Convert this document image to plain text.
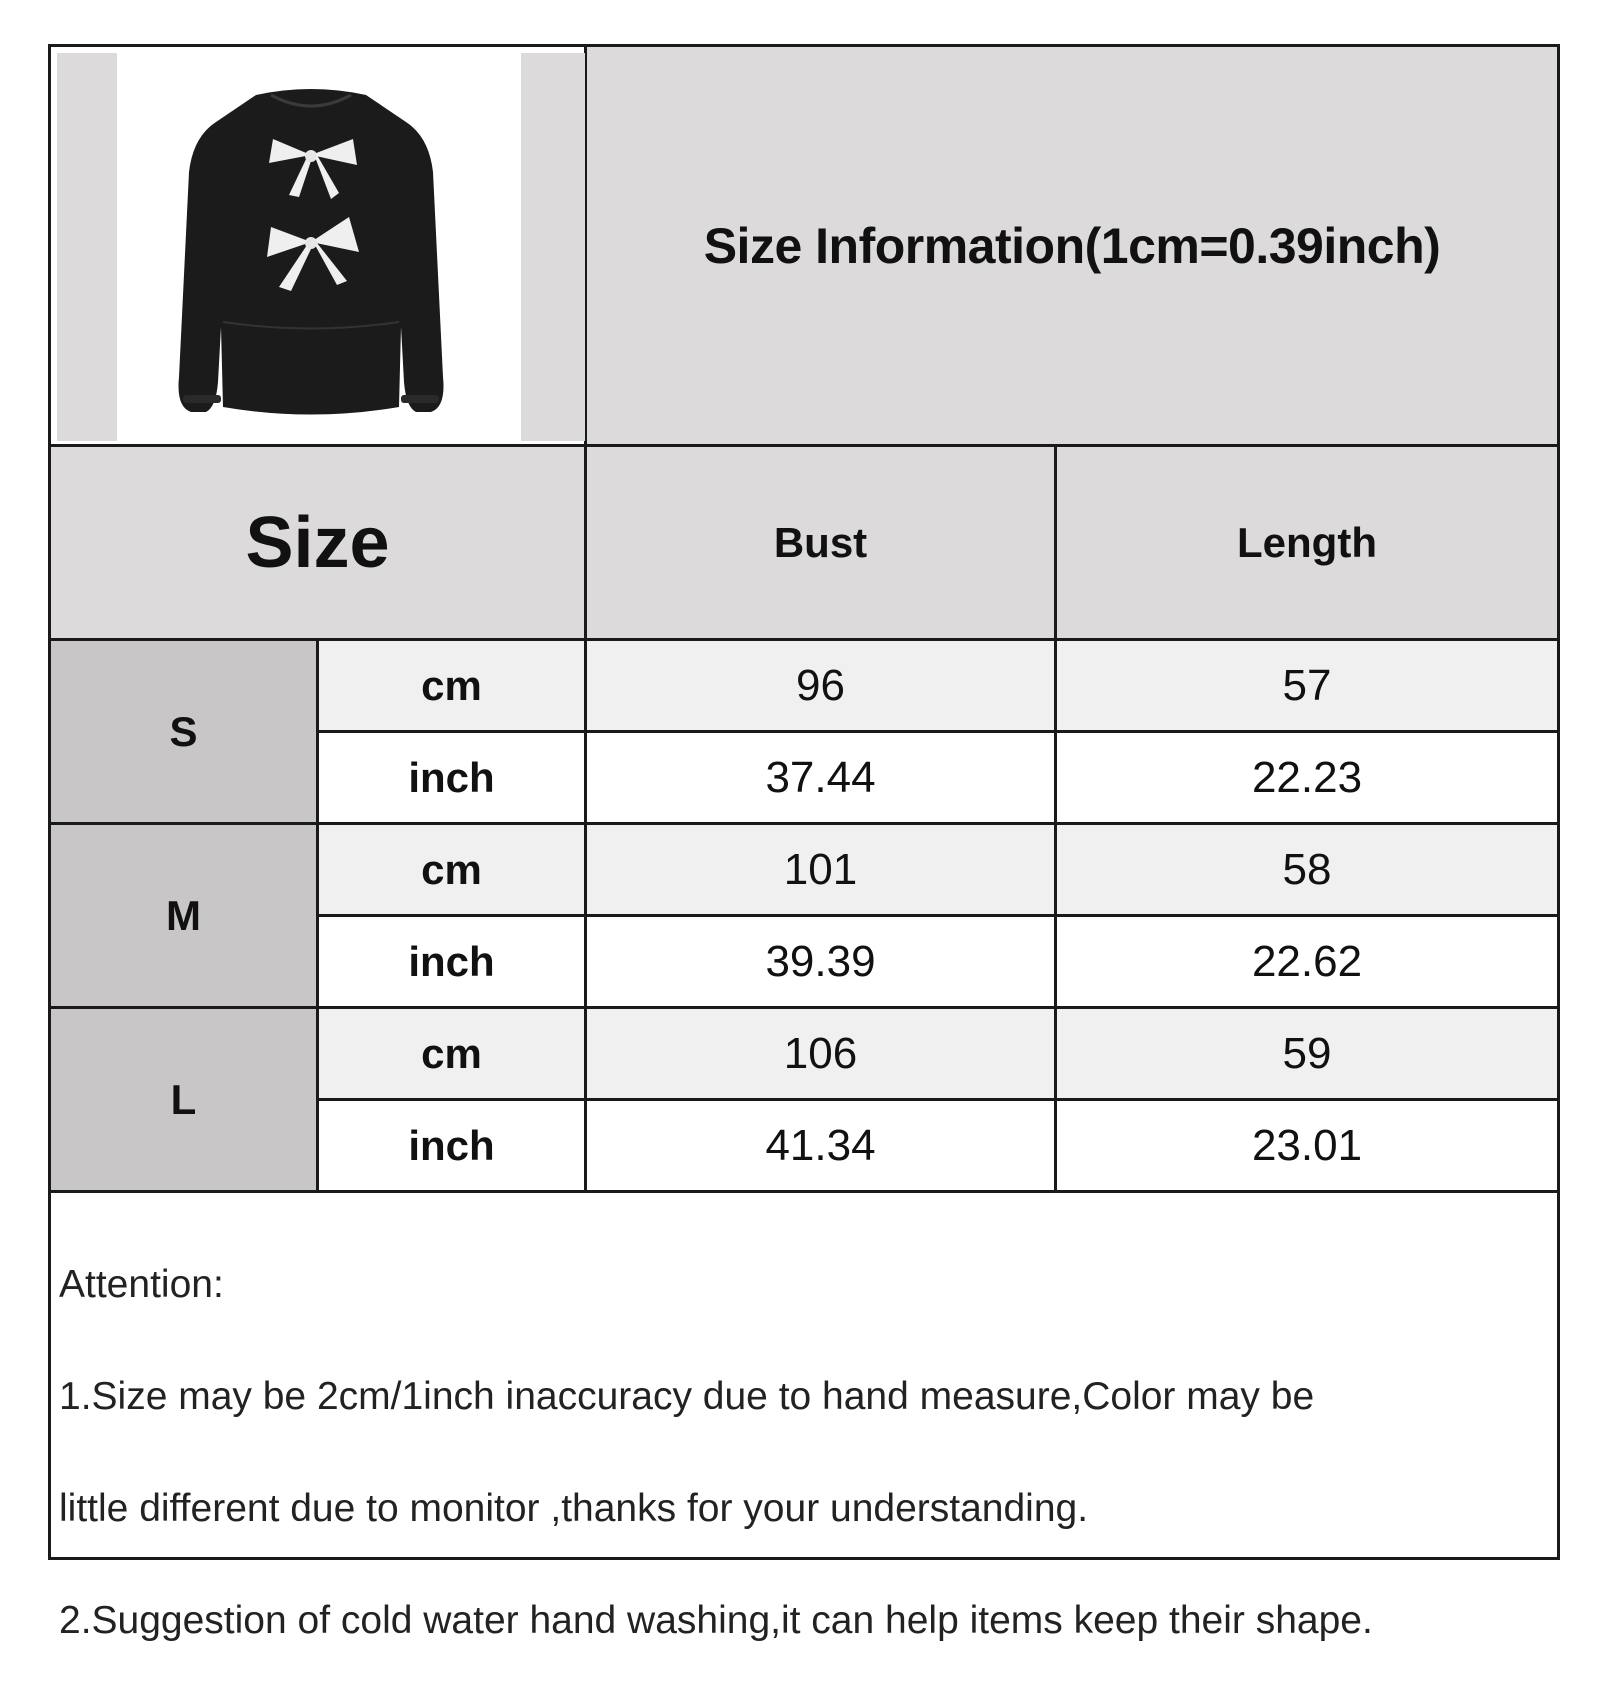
Size Information(1cm=0.39inch)
Size	Bust	Length
S
cm	96	57
inch	37.44	22.23
M
cm	101	58
inch	39.39	22.62
L
cm	106	59
inch	41.34	23.01

Attention:

1.Size may be 2cm/1inch inaccuracy due to hand measure,Color may be

little different due to monitor ,thanks for your understanding.

2.Suggestion of cold water hand washing,it can help items keep their shape.
